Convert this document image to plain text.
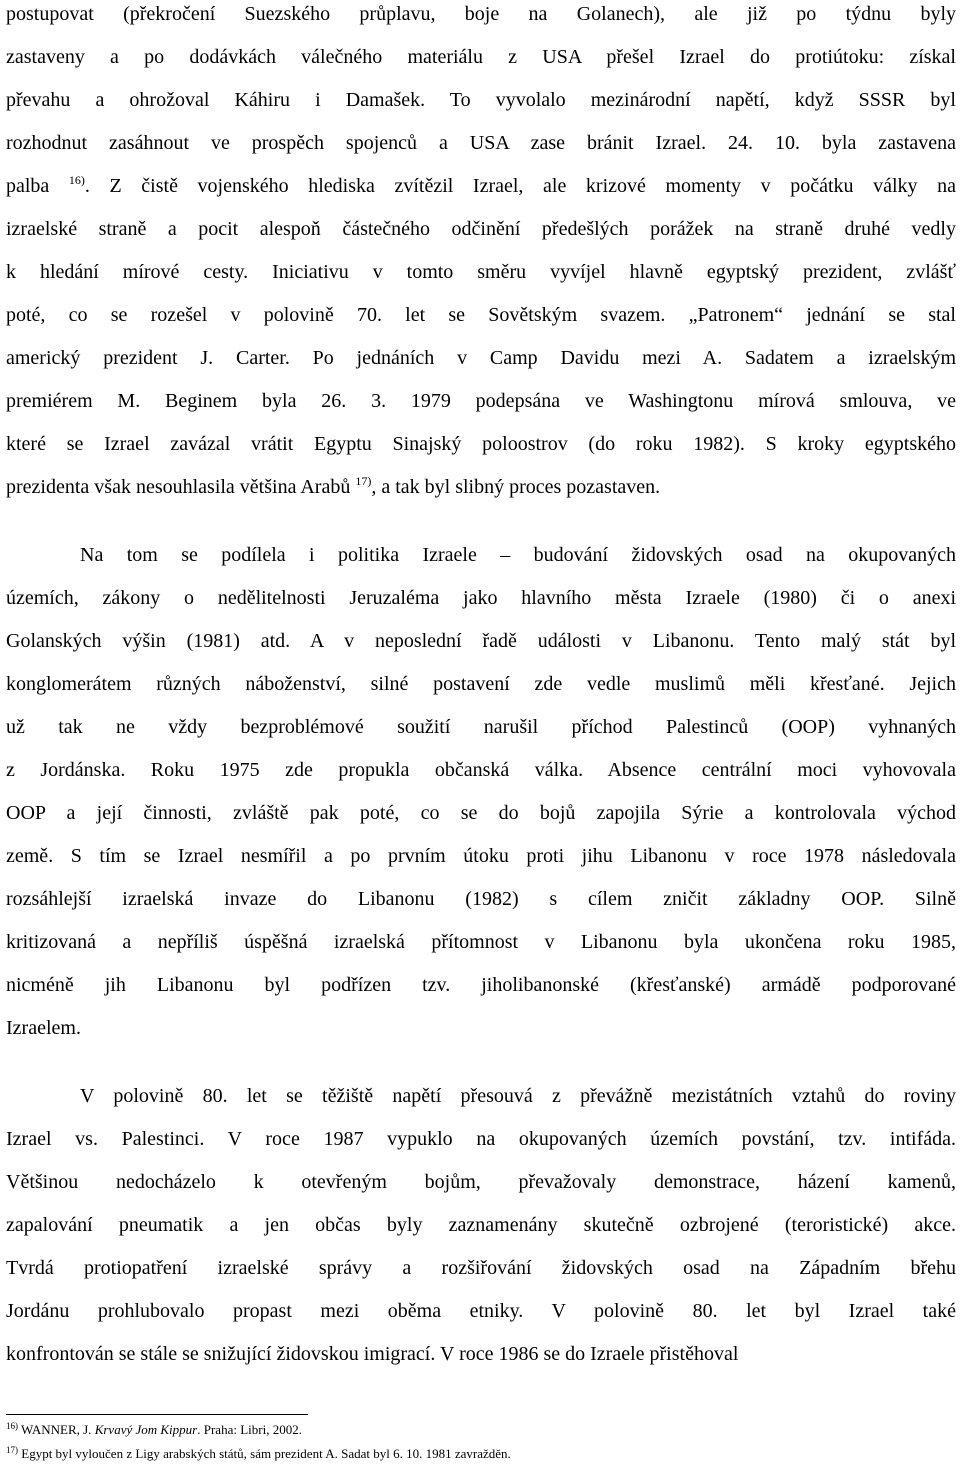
postupovat (překročení Suezského průplavu, boje na Golanech), ale již po týdnu byly
zastaveny a po dodávkách válečného materiálu z USA přešel Izrael do protiútoku: získal
převahu a ohrožoval Káhiru i Damašek. To vyvolalo mezinárodní napětí, když SSSR byl
rozhodnut zasáhnout ve prospěch spojenců a USA zase bránit Izrael. 24. 10. byla zastavena
palba $^{16)}$. Z čistě vojenského hlediska zvítězil Izrael, ale krizové momenty v počátku války na
izraelské straně a pocit alespoň částečného odčinění předešlých porážek na straně druhé vedly
k hledání mírové cesty. Iniciativu v tomto směru vyvíjel hlavně egyptský prezident, zvlášť
poté, co se rozešel v polovině 70. let se Sovětským svazem. „Patronem“ jednání se stal
americký prezident J. Carter. Po jednáních v Camp Davidu mezi A. Sadatem a izraelským
premiérem M. Beginem byla 26. 3. 1979 podepsána ve Washingtonu mírová smlouva, ve
které se Izrael zavázal vrátit Egyptu Sinajský poloostrov (do roku 1982). S kroky egyptského
prezidenta však nesouhlasila většina Arabů $^{17)}$, a tak byl slibný proces pozastaven.
Na tom se podílela i politika Izraele – budování židovských osad na okupovaných
územích, zákony o nedělitelnosti Jeruzaléma jako hlavního města Izraele (1980) či o anexi
Golanských výšin (1981) atd. A v neposlední řadě události v Libanonu. Tento malý stát byl
konglomerátem různých náboženství, silné postavení zde vedle muslimů měli křesťané. Jejich
už tak ne vždy bezproblémové soužití narušil příchod Palestinců (OOP) vyhnaných
z Jordánska. Roku 1975 zde propukla občanská válka. Absence centrální moci vyhovovala
OOP a její činnosti, zvláště pak poté, co se do bojů zapojila Sýrie a kontrolovala východ
země. S tím se Izrael nesmířil a po prvním útoku proti jihu Libanonu v roce 1978 následovala
rozsáhlejší izraelská invaze do Libanonu (1982) s cílem zničit základny OOP. Silně
kritizovaná a nepříliš úspěšná izraelská přítomnost v Libanonu byla ukončena roku 1985,
nicméně jih Libanonu byl podřízen tzv. jiholibanonské (křesťanské) armádě podporované
Izraelem.
V polovině 80. let se těžiště napětí přesouvá z převážně mezistátních vztahů do roviny
Izrael vs. Palestinci. V roce 1987 vypuklo na okupovaných územích povstání, tzv. intifáda.
Většinou nedocházelo k otevřeným bojům, převažovaly demonstrace, házení kamenů,
zapalování pneumatik a jen občas byly zaznamenány skutečně ozbrojené (teroristické) akce.
Tvrdá protiopatření izraelské správy a rozšiřování židovských osad na Západním břehu
Jordánu prohlubovalo propast mezi oběma etniky. V polovině 80. let byl Izrael také
konfrontován se stále se snižující židovskou imigrací. V roce 1986 se do Izraele přistěhoval
$^{16)}$ WANNER, J. Krvavý Jom Kippur. Praha: Libri, 2002.
$^{17)}$ Egypt byl vyloučen z Ligy arabských států, sám prezident A. Sadat byl 6. 10. 1981 zavražděn.
